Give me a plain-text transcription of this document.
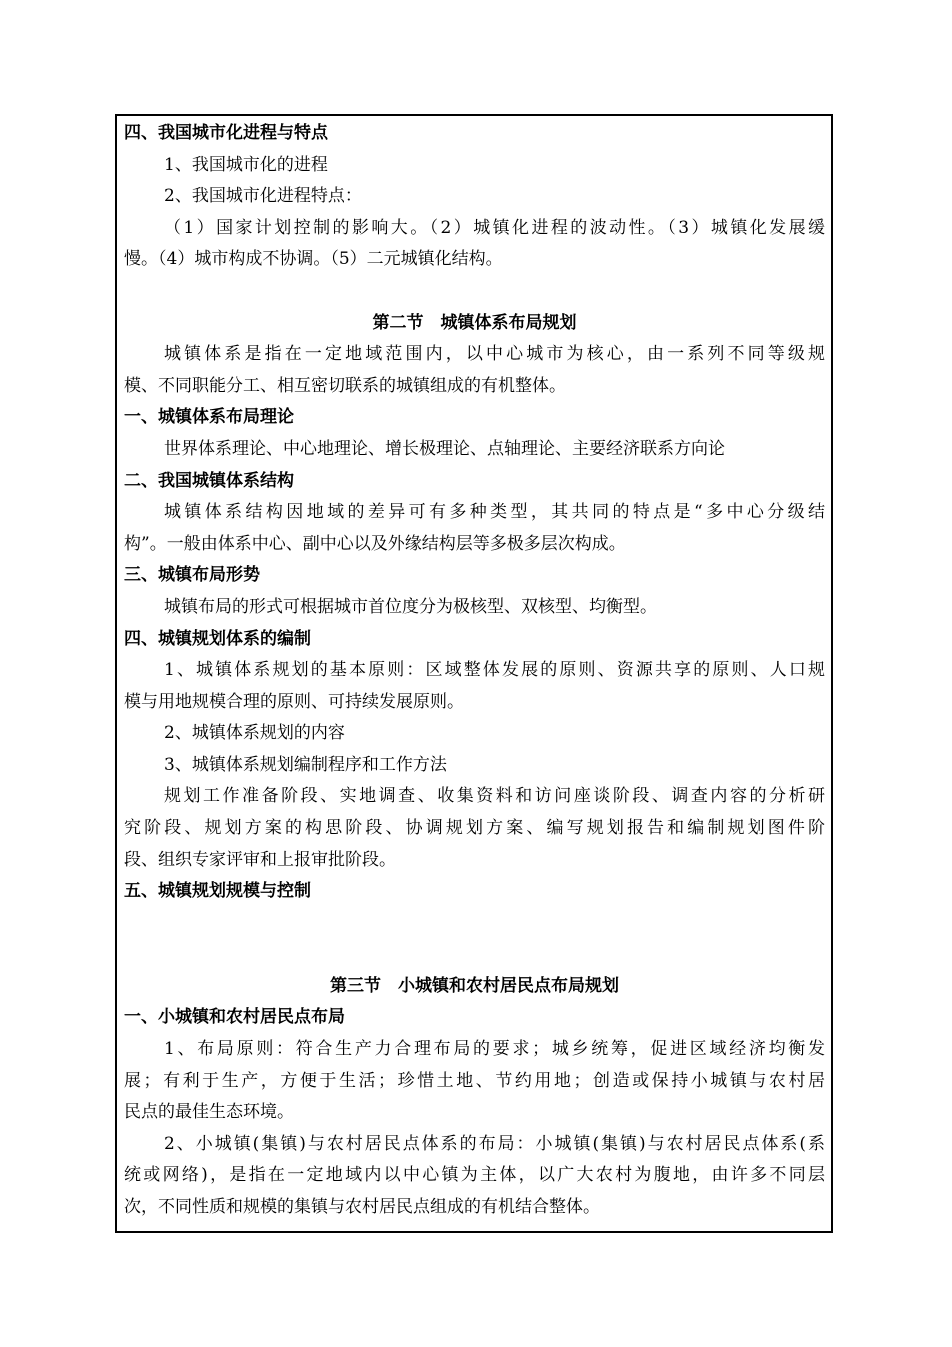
四、我国城市化进程与特点
1、我国城市化的进程
2、我国城市化进程特点：
（1）国家计划控制的影响大。（2）城镇化进程的波动性。（3）城镇化发展缓
慢。（4）城市构成不协调。（5）二元城镇化结构。
第二节　城镇体系布局规划
城镇体系是指在一定地域范围内，以中心城市为核心，由一系列不同等级规
模、不同职能分工、相互密切联系的城镇组成的有机整体。
一、城镇体系布局理论
世界体系理论、中心地理论、增长极理论、点轴理论、主要经济联系方向论
二、我国城镇体系结构
城镇体系结构因地域的差异可有多种类型，其共同的特点是“多中心分级结
构”。一般由体系中心、副中心以及外缘结构层等多极多层次构成。
三、城镇布局形势
城镇布局的形式可根据城市首位度分为极核型、双核型、均衡型。
四、城镇规划体系的编制
1、城镇体系规划的基本原则：区域整体发展的原则、资源共享的原则、人口规
模与用地规模合理的原则、可持续发展原则。
2、城镇体系规划的内容
3、城镇体系规划编制程序和工作方法
规划工作准备阶段、实地调查、收集资料和访问座谈阶段、调查内容的分析研
究阶段、规划方案的构思阶段、协调规划方案、编写规划报告和编制规划图件阶
段、组织专家评审和上报审批阶段。
五、城镇规划规模与控制
第三节　小城镇和农村居民点布局规划
一、小城镇和农村居民点布局
1、布局原则：符合生产力合理布局的要求；城乡统筹，促进区域经济均衡发
展；有利于生产，方便于生活；珍惜土地、节约用地；创造或保持小城镇与农村居
民点的最佳生态环境。
2、小城镇(集镇)与农村居民点体系的布局：小城镇(集镇)与农村居民点体系(系
统或网络)，是指在一定地域内以中心镇为主体，以广大农村为腹地，由许多不同层
次，不同性质和规模的集镇与农村居民点组成的有机结合整体。
